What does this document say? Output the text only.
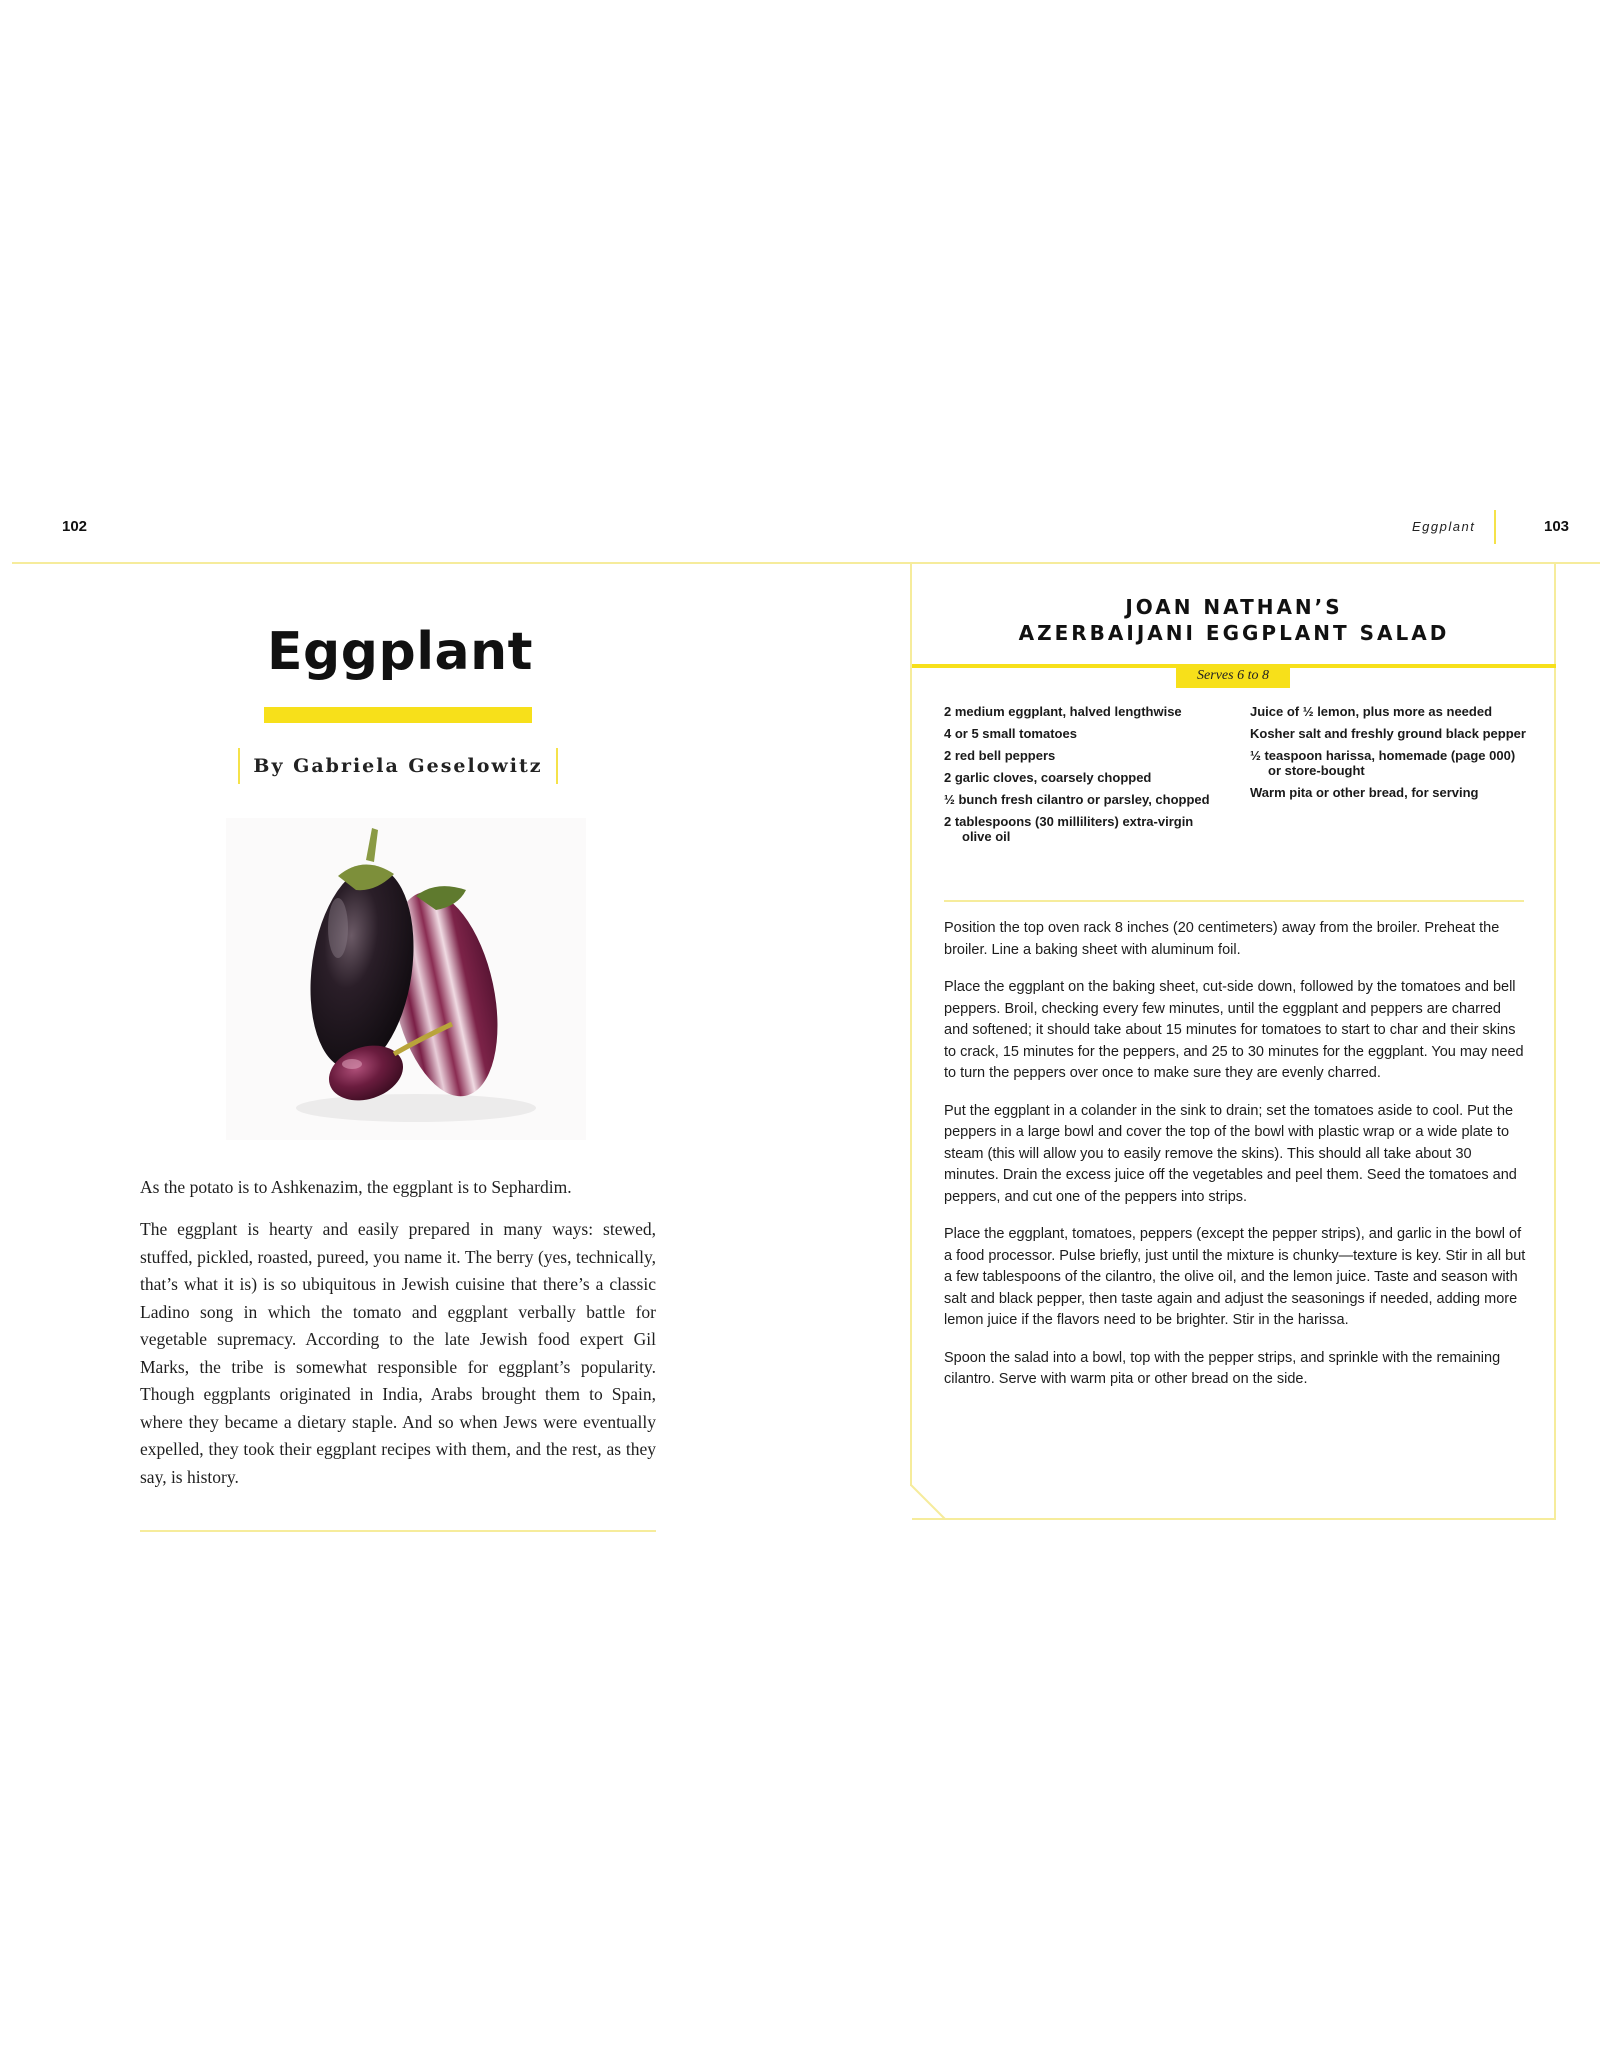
102	Eggplant	103
Eggplant
By Gabriela Geselowitz

As the potato is to Ashkenazim, the eggplant is to Sephardim.

The eggplant is hearty and easily prepared in many ways: stewed, stuffed, pickled, roasted, pureed, you name it. The berry (yes, technically, that’s what it is) is so ubiquitous in Jewish cuisine that there’s a classic Ladino song in which the tomato and eggplant verbally battle for vegetable supremacy. According to the late Jewish food expert Gil Marks, the tribe is somewhat responsible for eggplant’s popularity. Though eggplants originated in India, Arabs brought them to Spain, where they became a dietary staple. And so when Jews were eventually expelled, they took their eggplant recipes with them, and the rest, as they say, is history.

JOAN NATHAN’S
AZERBAIJANI EGGPLANT SALAD
Serves 6 to 8
2 medium eggplant, halved lengthwise
4 or 5 small tomatoes
2 red bell peppers
2 garlic cloves, coarsely chopped
½ bunch fresh cilantro or parsley, chopped
2 tablespoons (30 milliliters) extra-virgin olive oil
Juice of ½ lemon, plus more as needed
Kosher salt and freshly ground black pepper
½ teaspoon harissa, homemade (page 000) or store-bought
Warm pita or other bread, for serving

Position the top oven rack 8 inches (20 centimeters) away from the broiler. Preheat the broiler. Line a baking sheet with aluminum foil.

Place the eggplant on the baking sheet, cut-side down, followed by the tomatoes and bell peppers. Broil, checking every few minutes, until the eggplant and peppers are charred and softened; it should take about 15 minutes for tomatoes to start to char and their skins to crack, 15 minutes for the peppers, and 25 to 30 minutes for the eggplant. You may need to turn the peppers over once to make sure they are evenly charred.

Put the eggplant in a colander in the sink to drain; set the tomatoes aside to cool. Put the peppers in a large bowl and cover the top of the bowl with plastic wrap or a wide plate to steam (this will allow you to easily remove the skins). This should all take about 30 minutes. Drain the excess juice off the vegetables and peel them. Seed the tomatoes and peppers, and cut one of the peppers into strips.

Place the eggplant, tomatoes, peppers (except the pepper strips), and garlic in the bowl of a food processor. Pulse briefly, just until the mixture is chunky—texture is key. Stir in all but a few tablespoons of the cilantro, the olive oil, and the lemon juice. Taste and season with salt and black pepper, then taste again and adjust the seasonings if needed, adding more lemon juice if the flavors need to be brighter. Stir in the harissa.

Spoon the salad into a bowl, top with the pepper strips, and sprinkle with the remaining cilantro. Serve with warm pita or other bread on the side.
